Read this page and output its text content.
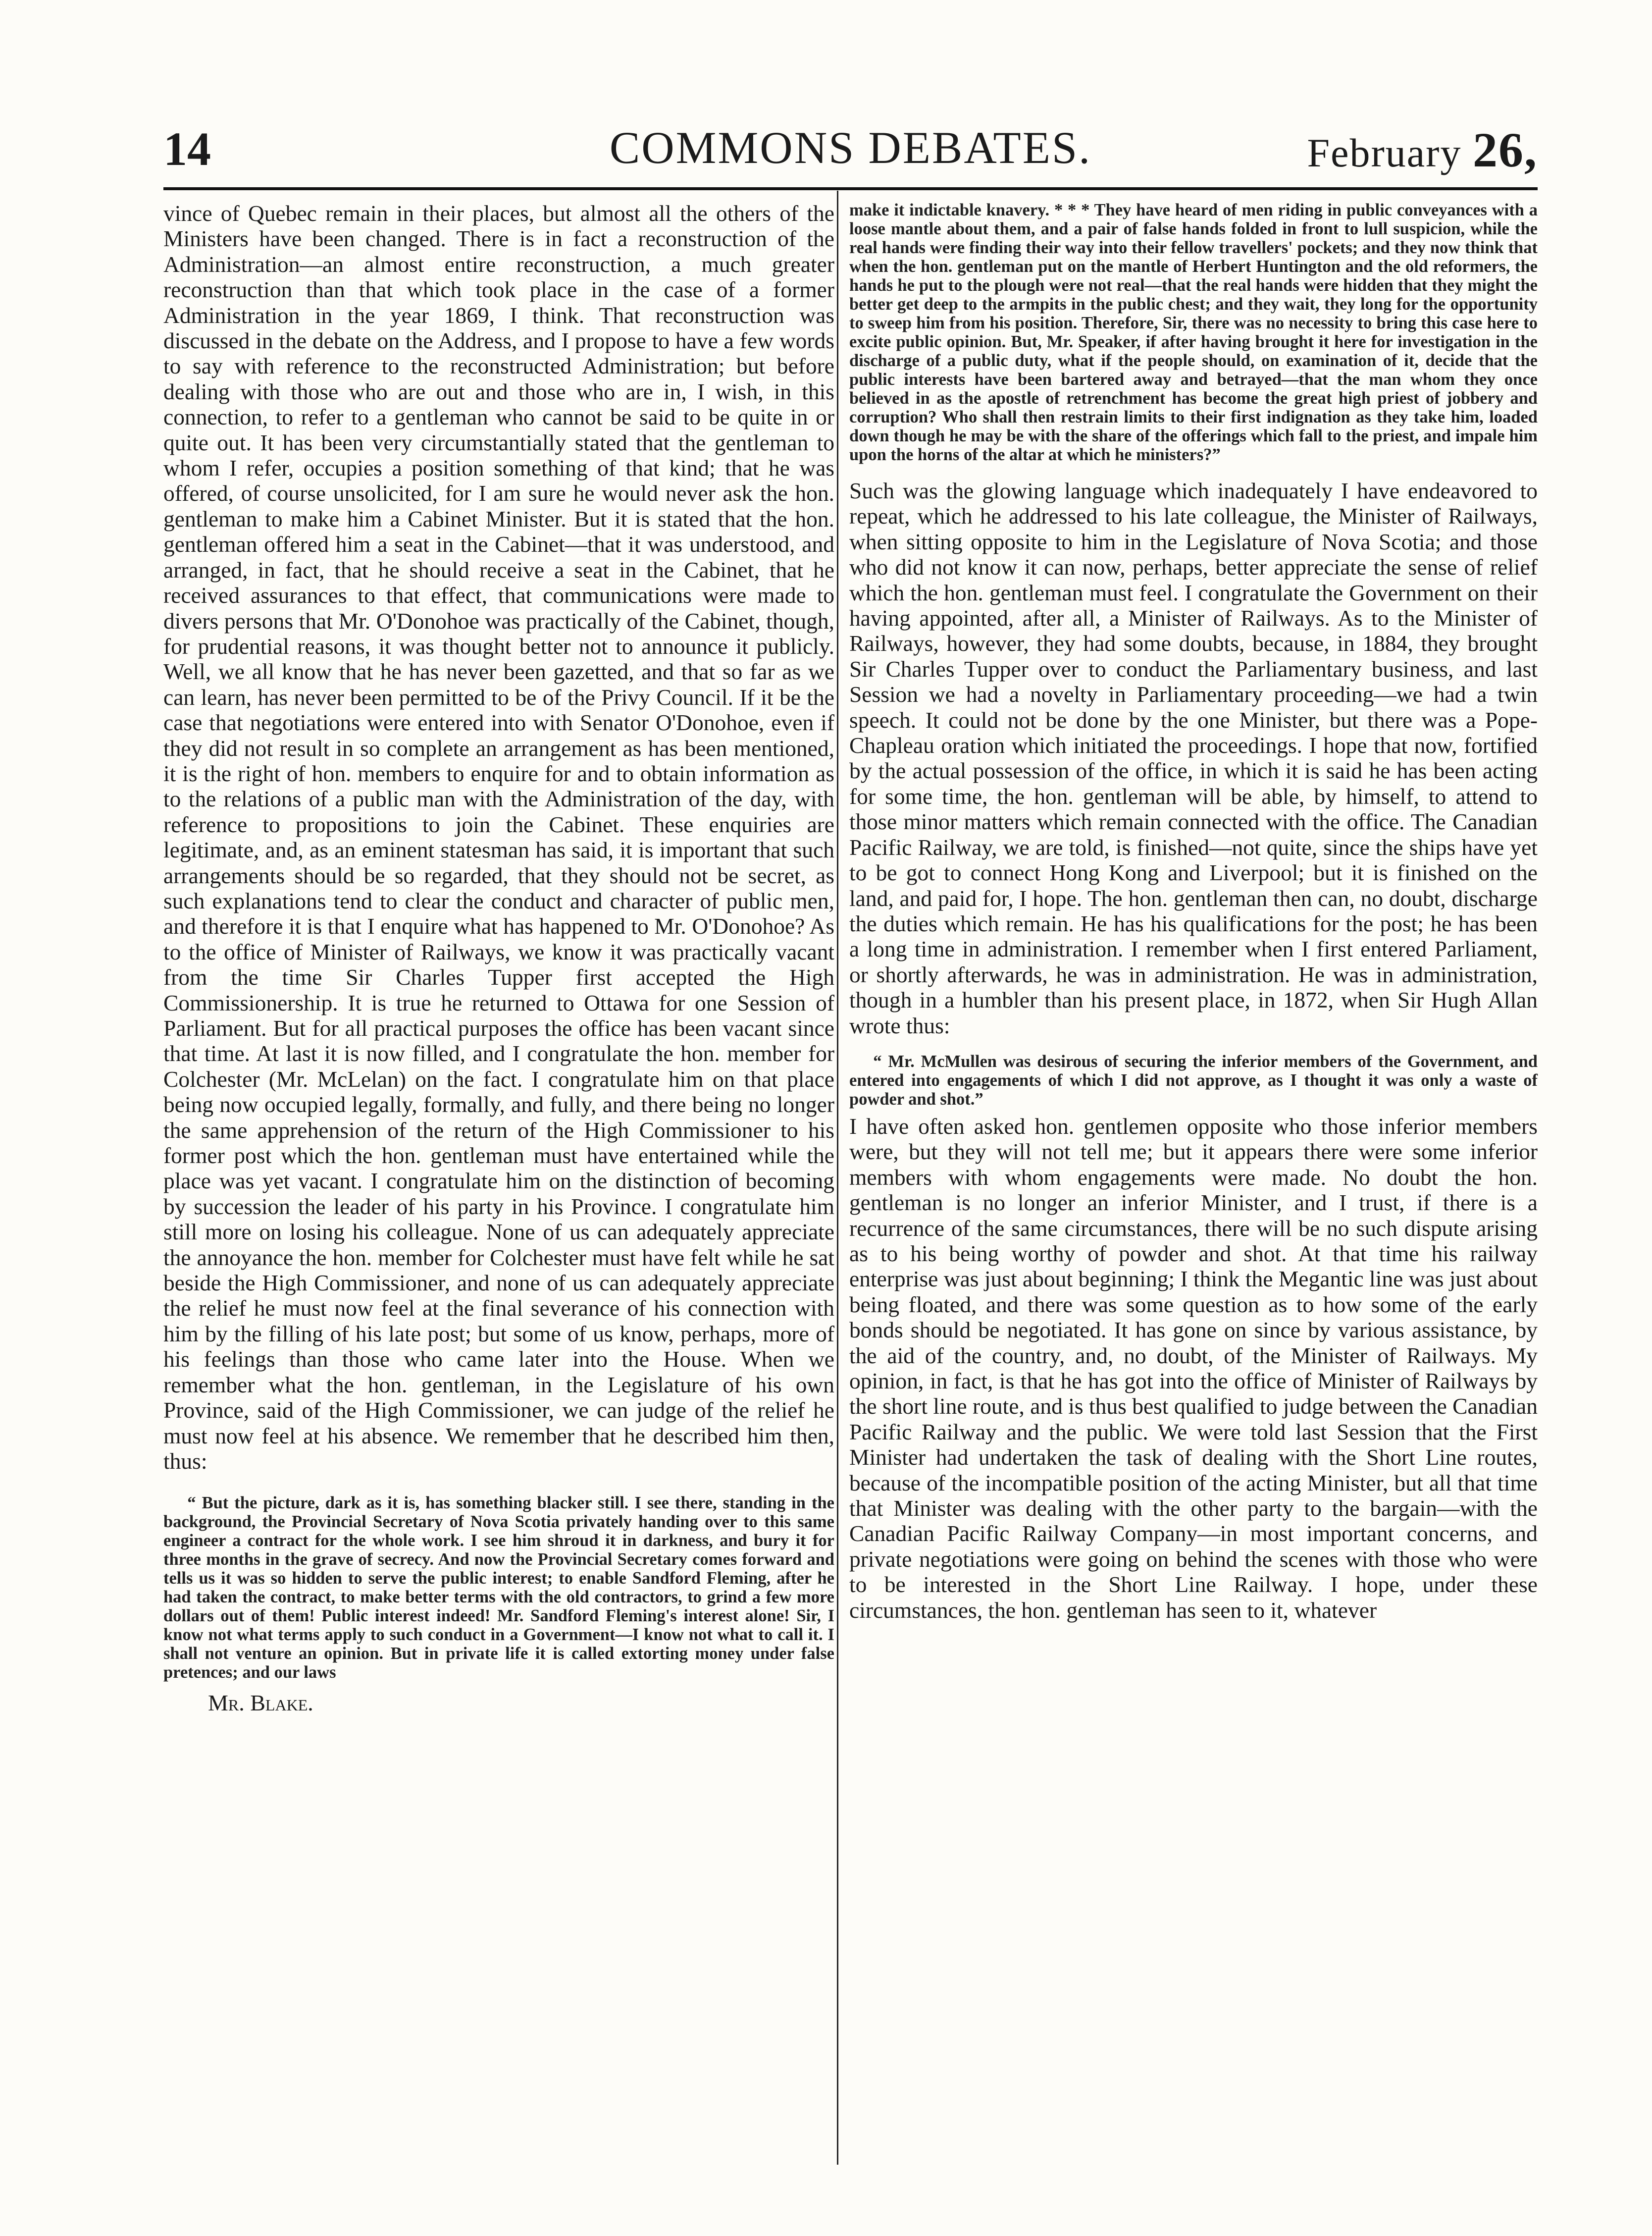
14	COMMONS DEBATES.	February 26,

vince of Quebec remain in their places, but almost all the others of the Ministers have been changed. There is in fact a reconstruction of the Administration—an almost entire reconstruction, a much greater reconstruction than that which took place in the case of a former Administration in the year 1869, I think. That reconstruction was discussed in the debate on the Address, and I propose to have a few words to say with reference to the reconstructed Administration; but before dealing with those who are out and those who are in, I wish, in this connection, to refer to a gentleman who cannot be said to be quite in or quite out. It has been very circumstantially stated that the gentleman to whom I refer, occupies a position something of that kind; that he was offered, of course unsolicited, for I am sure he would never ask the hon. gentleman to make him a Cabinet Minister. But it is stated that the hon. gentleman offered him a seat in the Cabinet—that it was understood, and arranged, in fact, that he should receive a seat in the Cabinet, that he received assurances to that effect, that communications were made to divers persons that Mr. O'Donohoe was practically of the Cabinet, though, for prudential reasons, it was thought better not to announce it publicly. Well, we all know that he has never been gazetted, and that so far as we can learn, has never been permitted to be of the Privy Council. If it be the case that negotiations were entered into with Senator O'Donohoe, even if they did not result in so complete an arrangement as has been mentioned, it is the right of hon. members to enquire for and to obtain information as to the relations of a public man with the Administration of the day, with reference to propositions to join the Cabinet. These enquiries are legitimate, and, as an eminent statesman has said, it is important that such arrangements should be so regarded, that they should not be secret, as such explanations tend to clear the conduct and character of public men, and therefore it is that I enquire what has happened to Mr. O'Donohoe? As to the office of Minister of Railways, we know it was practically vacant from the time Sir Charles Tupper first accepted the High Commissionership. It is true he returned to Ottawa for one Session of Parliament. But for all practical purposes the office has been vacant since that time. At last it is now filled, and I congratulate the hon. member for Colchester (Mr. McLelan) on the fact. I congratulate him on that place being now occupied legally, formally, and fully, and there being no longer the same apprehension of the return of the High Commissioner to his former post which the hon. gentleman must have entertained while the place was yet vacant. I congratulate him on the distinction of becoming by succession the leader of his party in his Province. I congratulate him still more on losing his colleague. None of us can adequately appreciate the annoyance the hon. member for Colchester must have felt while he sat beside the High Commissioner, and none of us can adequately appreciate the relief he must now feel at the final severance of his connection with him by the filling of his late post; but some of us know, perhaps, more of his feelings than those who came later into the House. When we remember what the hon. gentleman, in the Legislature of his own Province, said of the High Commissioner, we can judge of the relief he must now feel at his absence. We remember that he described him then, thus:

“ But the picture, dark as it is, has something blacker still. I see there, standing in the background, the Provincial Secretary of Nova Scotia privately handing over to this same engineer a contract for the whole work. I see him shroud it in darkness, and bury it for three months in the grave of secrecy. And now the Provincial Secretary comes forward and tells us it was so hidden to serve the public interest; to enable Sandford Fleming, after he had taken the contract, to make better terms with the old contractors, to grind a few more dollars out of them! Public interest indeed! Mr. Sandford Fleming's interest alone! Sir, I know not what terms apply to such conduct in a Government—I know not what to call it. I shall not venture an opinion. But in private life it is called extorting money under false pretences; and our laws

Mr. Blake.

make it indictable knavery. * * * They have heard of men riding in public conveyances with a loose mantle about them, and a pair of false hands folded in front to lull suspicion, while the real hands were finding their way into their fellow travellers' pockets; and they now think that when the hon. gentleman put on the mantle of Herbert Huntington and the old reformers, the hands he put to the plough were not real—that the real hands were hidden that they might the better get deep to the armpits in the public chest; and they wait, they long for the opportunity to sweep him from his position. Therefore, Sir, there was no necessity to bring this case here to excite public opinion. But, Mr. Speaker, if after having brought it here for investigation in the discharge of a public duty, what if the people should, on examination of it, decide that the public interests have been bartered away and betrayed—that the man whom they once believed in as the apostle of retrenchment has become the great high priest of jobbery and corruption? Who shall then restrain limits to their first indignation as they take him, loaded down though he may be with the share of the offerings which fall to the priest, and impale him upon the horns of the altar at which he ministers?”

Such was the glowing language which inadequately I have endeavored to repeat, which he addressed to his late colleague, the Minister of Railways, when sitting opposite to him in the Legislature of Nova Scotia; and those who did not know it can now, perhaps, better appreciate the sense of relief which the hon. gentleman must feel. I congratulate the Government on their having appointed, after all, a Minister of Railways. As to the Minister of Railways, however, they had some doubts, because, in 1884, they brought Sir Charles Tupper over to conduct the Parliamentary business, and last Session we had a novelty in Parliamentary proceeding—we had a twin speech. It could not be done by the one Minister, but there was a Pope-Chapleau oration which initiated the proceedings. I hope that now, fortified by the actual possession of the office, in which it is said he has been acting for some time, the hon. gentleman will be able, by himself, to attend to those minor matters which remain connected with the office. The Canadian Pacific Railway, we are told, is finished—not quite, since the ships have yet to be got to connect Hong Kong and Liverpool; but it is finished on the land, and paid for, I hope. The hon. gentleman then can, no doubt, discharge the duties which remain. He has his qualifications for the post; he has been a long time in administration. I remember when I first entered Parliament, or shortly afterwards, he was in administration. He was in administration, though in a humbler than his present place, in 1872, when Sir Hugh Allan wrote thus:

“ Mr. McMullen was desirous of securing the inferior members of the Government, and entered into engagements of which I did not approve, as I thought it was only a waste of powder and shot.”

I have often asked hon. gentlemen opposite who those inferior members were, but they will not tell me; but it appears there were some inferior members with whom engagements were made. No doubt the hon. gentleman is no longer an inferior Minister, and I trust, if there is a recurrence of the same circumstances, there will be no such dispute arising as to his being worthy of powder and shot. At that time his railway enterprise was just about beginning; I think the Megantic line was just about being floated, and there was some question as to how some of the early bonds should be negotiated. It has gone on since by various assistance, by the aid of the country, and, no doubt, of the Minister of Railways. My opinion, in fact, is that he has got into the office of Minister of Railways by the short line route, and is thus best qualified to judge between the Canadian Pacific Railway and the public. We were told last Session that the First Minister had undertaken the task of dealing with the Short Line routes, because of the incompatible position of the acting Minister, but all that time that Minister was dealing with the other party to the bargain—with the Canadian Pacific Railway Company—in most important concerns, and private negotiations were going on behind the scenes with those who were to be interested in the Short Line Railway. I hope, under these circumstances, the hon. gentleman has seen to it, whatever
